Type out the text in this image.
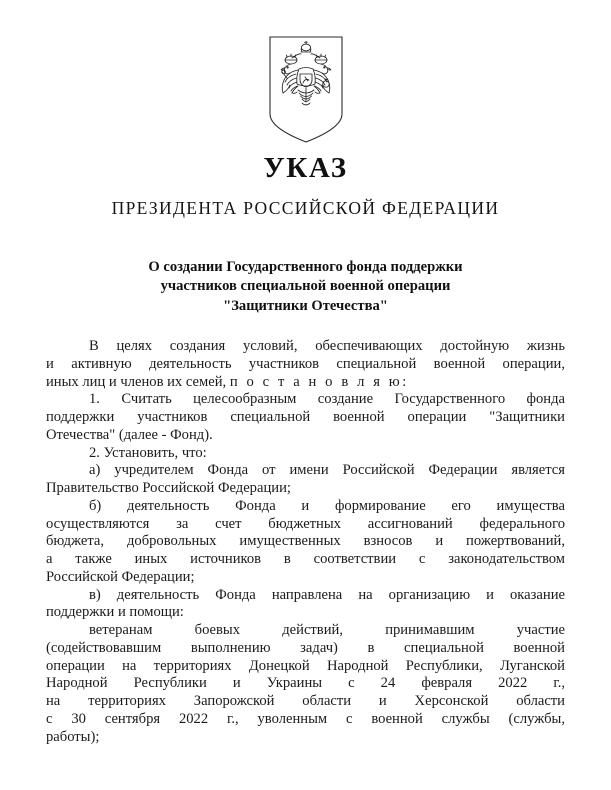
УКАЗ
ПРЕЗИДЕНТА РОССИЙСКОЙ ФЕДЕРАЦИИ
О создании Государственного фонда поддержки
участников специальной военной операции
"Защитники Отечества"
В целях создания условий, обеспечивающих достойную жизнь
и активную деятельность участников специальной военной операции,
иных лиц и членов их семей, п о с т а н о в л я ю:
1. Считать целесообразным создание Государственного фонда
поддержки участников специальной военной операции "Защитники
Отечества" (далее - Фонд).
2. Установить, что:
а) учредителем Фонда от имени Российской Федерации является
Правительство Российской Федерации;
б) деятельность Фонда и формирование его имущества
осуществляются за счет бюджетных ассигнований федерального
бюджета, добровольных имущественных взносов и пожертвований,
а также иных источников в соответствии с законодательством
Российской Федерации;
в) деятельность Фонда направлена на организацию и оказание
поддержки и помощи:
ветеранам боевых действий, принимавшим участие
(содействовавшим выполнению задач) в специальной военной
операции на территориях Донецкой Народной Республики, Луганской
Народной Республики и Украины с 24 февраля 2022 г.,
на территориях Запорожской области и Херсонской области
с 30 сентября 2022 г., уволенным с военной службы (службы,
работы);
